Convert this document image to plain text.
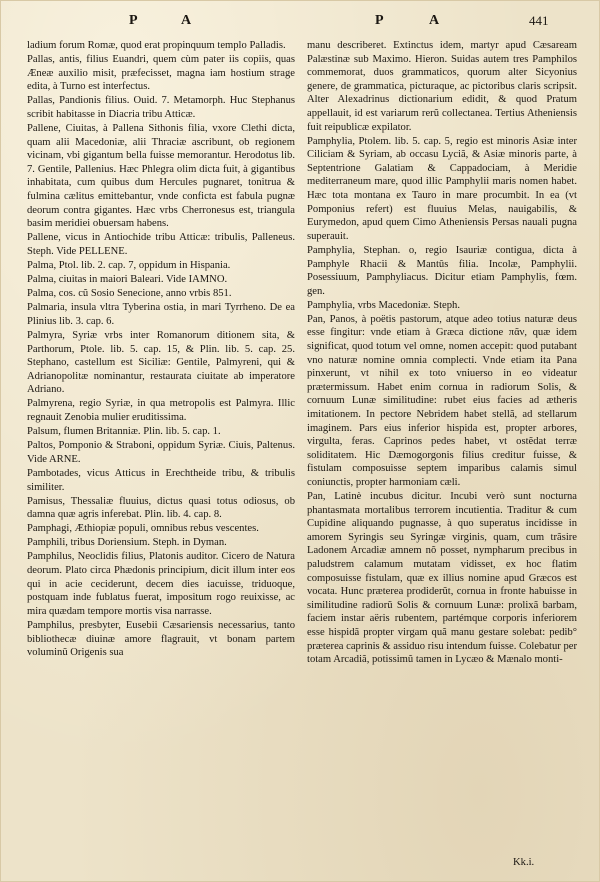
P	A	P	A	441

ladium forum Romæ, quod erat propinquum templo Palladis.

Pallas, antis, filius Euandri, quem cùm pater iis copiis, quas Æneæ auxilio misit, præfecisset, magna iam hostium strage edita, à Turno est interfectus.

Pallas, Pandionis filius. Ouid. 7. Metamorph. Huc Stephanus scribit habitasse in Diacria tribu Atticæ.

Pallene, Ciuitas, à Pallena Sithonis filia, vxore Clethi dicta, quam alii Macedoniæ, alii Thraciæ ascribunt, ob regionem vicinam, vbi gigantum bella fuisse memorantur. Herodotus lib. 7. Gentile, Pallenius. Hæc Phlegra olim dicta fuit, à gigantibus inhabitata, cum quibus dum Hercules pugnaret, tonitrua & fulmina cælitus emittebantur, vnde confictа est fabula pugnæ deorum contra gigantes. Hæc vrbs Cherronesus est, triangula basim meridiei obuersam habens.

Pallene, vicus in Antiochide tribu Atticæ: tribulis, Palleneus. Steph. Vide PELLENE.

Palma, Ptol. lib. 2. cap. 7, oppidum in Hispania.

Palma, ciuitas in maiori Baleari. Vide IAMNO.

Palma, cos. cũ Sosio Senecione, anno vrbis 851.

Palmaria, insula vltra Tyberina ostia, in mari Tyrrheno. De ea Plinius lib. 3. cap. 6.

Palmyra, Syriæ vrbs inter Romanorum ditionem sita, & Parthorum, Ptole. lib. 5. cap. 15, & Plin. lib. 5. cap. 25. Stephano, castellum est Siciliæ: Gentile, Palmyreni, qui & Adrianopolitæ nominantur, restaurata ciuitate ab imperatore Adriano.

Palmyrena, regio Syriæ, in qua metropolis est Palmyra. Illic regnauit Zenobia mulier eruditissima.

Palsum, flumen Britanniæ. Plin. lib. 5. cap. 1.

Paltos, Pomponio & Straboni, oppidum Syriæ. Ciuis, Paltenus. Vide ARNE.

Pambotades, vicus Atticus in Erechtheide tribu, & tribulis similiter.

Pamisus, Thessaliæ fluuius, dictus quasi totus odiosus, ob damna quæ agris inferebat. Plin. lib. 4. cap. 8.

Pamphagi, Æthiopiæ populi, omnibus rebus vescentes.

Pamphili, tribus Doriensium. Steph. in Dyman.

Pamphilus, Neoclidis filius, Platonis auditor. Cicero de Natura deorum. Plato circa Phædonis principium, dicit illum inter eos qui in acie ceciderunt, decem dies iacuisse, triduoque, postquam inde fublatus fuerat, impositum rogo reuixisse, ac mira quædam tempore mortis visa narrasse.

Pamphilus, presbyter, Eusebii Cæsariensis necessarius, tanto bibliothecæ diuinæ amore flagrauit, vt bonam partem voluminũ Origenis sua

manu describeret. Extinctus idem, martyr apud Cæsaream Palæstinæ sub Maximo. Hieron. Suidas autem tres Pamphilos commemorat, duos grammaticos, quorum alter Sicyonius genere, de grammatica, picturaque, ac pictoribus claris scripsit. Alter Alexadrinus dictionarium edidit, & quod Pratum appellauit, id est variarum rerũ collectanea. Tertius Atheniensis fuit reipublicæ expilator.

Pamphylia, Ptolem. lib. 5. cap. 5, regio est minoris Asiæ inter Ciliciam & Syriam, ab occasu Lyciã, & Asiæ minoris parte, à Septentrione Galatiam & Cappadociam, à Meridie mediterraneum mare, quod illic Pamphylii maris nomen habet. Hæc tota montana ex Tauro in mare procumbit. In ea (vt Pomponius refert) est fluuius Melas, nauigabilis, & Eurymedon, apud quem Cimo Atheniensis Persas nauali pugna superauit.

Pamphylia, Stephan. o, regio Isauriæ contigua, dicta à Pamphyle Rhacii & Mantûs filia. Incolæ, Pamphylii. Posessiuum, Pamphyliacus. Dicitur etiam Pamphylis, fœm. gen.

Pamphylia, vrbs Macedoniæ. Steph.

Pan, Panos, à poëtis pastorum, atque adeo totius naturæ deus esse fingitur: vnde etiam à Græca dictione πᾶν, quæ idem significat, quod totum vel omne, nomen accepit: quod putabant vno naturæ nomine omnia complecti. Vnde etiam ita Pana pinxerunt, vt nihil ex toto vniuerso in eo videatur prætermissum. Habet enim cornua in radiorum Solis, & cornuum Lunæ similitudine: rubet eius facies ad ætheris imitationem. In pectore Nebridem habet stellã, ad stellarum imaginem. Pars eius inferior hispida est, propter arbores, virgulta, feras. Caprinos pedes habet, vt ostẽdat terræ soliditatem. Hic Dæmogorgonis filius creditur fuisse, & fistulam composuisse septem imparibus calamis simul coniunctis, propter harmoniam cæli.

Pan, Latinè incubus dicitur. Incubi verò sunt nocturna phantasmata mortalibus terrorem incutientia. Traditur & cum Cupidine aliquando pugnasse, à quo superatus incidisse in amorem Syringis seu Syringæ virginis, quam, cum trãsire Ladonem Arcadiæ amnem nõ posset, nympharum precibus in paludstrem calamum mutatam vidisset, ex hoc flatim composuisse fistulam, quæ ex illius nomine apud Græcos est vocata. Hunc præterea prodiderũt, cornua in fronte habuisse in similitudine radiorũ Solis & cornuum Lunæ: prolixã barbam, faciem instar aëris rubentem, partémque corporis inferiorem esse hispidã propter virgam quã manu gestare solebat: pedib° præterea caprinis & assiduo risu intendum fuisse. Colebatur per totam Arcadiã, potissimũ tamen in Lycæo & Mænalo monti-

Kk.i.
